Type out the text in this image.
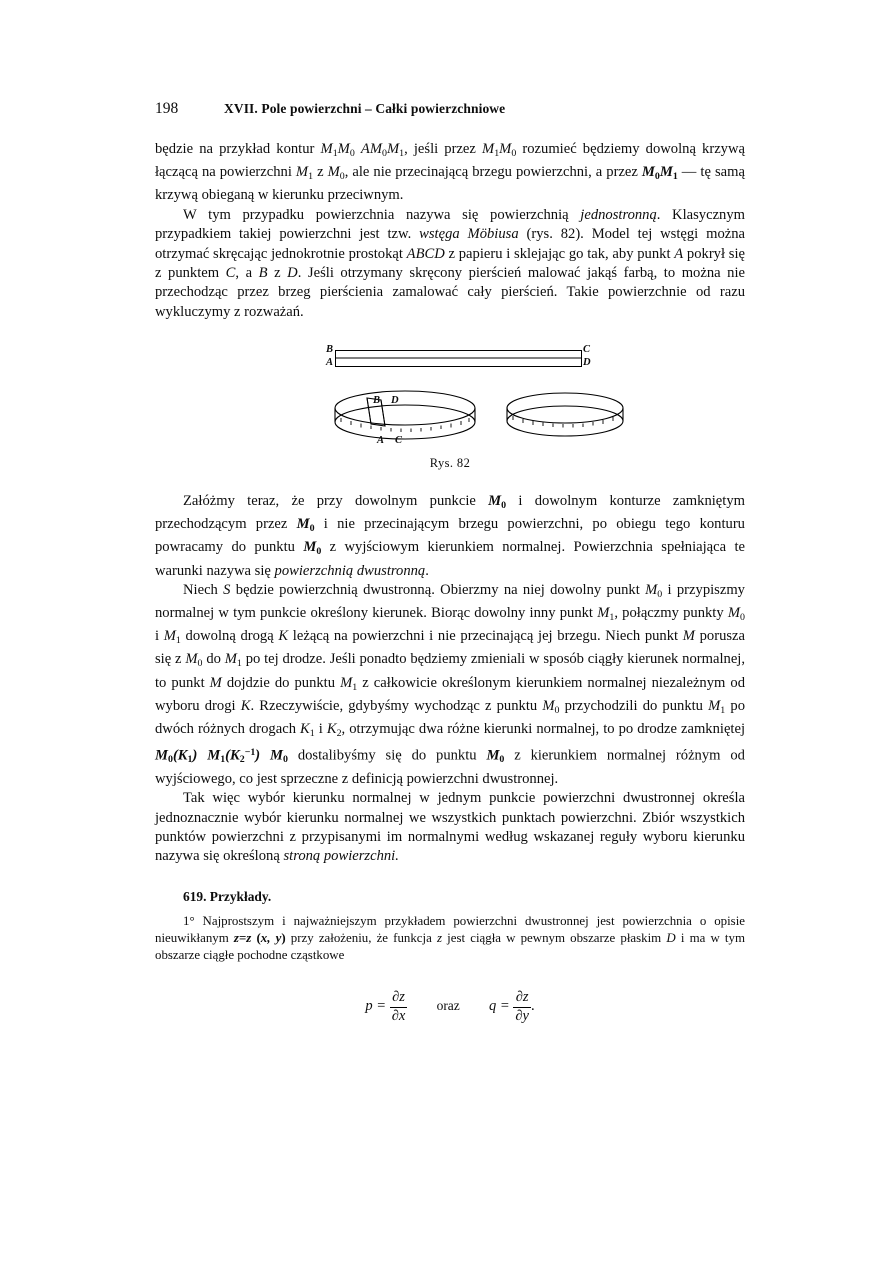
198	XVII. Pole powierzchni – Całki powierzchniowe

będzie na przykład kontur $M_1M_0$ $AM_0M_1$, jeśli przez $M_1M_0$ rozumieć będziemy dowolną krzywą łączącą na powierzchni $M_1$ z $M_0$, ale nie przecinającą brzegu powierzchni, a przez $M_0M_1$ — tę samą krzywą obieganą w kierunku przeciwnym.

W tym przypadku powierzchnia nazywa się powierzchnią jednostronną. Klasycznym przypadkiem takiej powierzchni jest tzw. wstęga Möbiusa (rys. 82). Model tej wstęgi można otrzymać skręcając jednokrotnie prostokąt ABCD z papieru i sklejając go tak, aby punkt A pokrył się z punktem C, a B z D. Jeśli otrzymany skręcony pierścień malować jakąś farbą, to można nie przechodząc przez brzeg pierścienia zamalować cały pierścień. Takie powierzchnie od razu wykluczymy z rozważań.

B
A
C
D
B D
A C
Rys. 82

Załóżmy teraz, że przy dowolnym punkcie $M_0$ i dowolnym konturze zamkniętym przechodzącym przez $M_0$ i nie przecinającym brzegu powierzchni, po obiegu tego konturu powracamy do punktu $M_0$ z wyjściowym kierunkiem normalnej. Powierzchnia spełniająca te warunki nazywa się powierzchnią dwustronną.

Niech S będzie powierzchnią dwustronną. Obierzmy na niej dowolny punkt $M_0$ i przypiszmy normalnej w tym punkcie określony kierunek. Biorąc dowolny inny punkt $M_1$, połączmy punkty $M_0$ i $M_1$ dowolną drogą K leżącą na powierzchni i nie przecinającą jej brzegu. Niech punkt M porusza się z $M_0$ do $M_1$ po tej drodze. Jeśli ponadto będziemy zmieniali w sposób ciągły kierunek normalnej, to punkt M dojdzie do punktu $M_1$ z całkowicie określonym kierunkiem normalnej niezależnym od wyboru drogi K. Rzeczywiście, gdybyśmy wychodząc z punktu $M_0$ przychodzili do punktu $M_1$ po dwóch różnych drogach $K_1$ i $K_2$, otrzymując dwa różne kierunki normalnej, to po drodze zamkniętej $M_0(K_1)$ $M_1(K_2^{-1})$ $M_0$ dostalibyśmy się do punktu $M_0$ z kierunkiem normalnej różnym od wyjściowego, co jest sprzeczne z definicją powierzchni dwustronnej.

Tak więc wybór kierunku normalnej w jednym punkcie powierzchni dwustronnej określa jednoznacznie wybór kierunku normalnej we wszystkich punktach powierzchni. Zbiór wszystkich punktów powierzchni z przypisanymi im normalnymi według wskazanej reguły wyboru kierunku nazywa się określoną stroną powierzchni.

619. Przykłady.

1° Najprostszym i najważniejszym przykładem powierzchni dwustronnej jest powierzchnia o opisie nieuwikłanym z=z (x, y) przy założeniu, że funkcja z jest ciągła w pewnym obszarze płaskim D i ma w tym obszarze ciągłe pochodne cząstkowe

$p = \frac{\partial z}{\partial x}$ oraz $q = \frac{\partial z}{\partial y}$ .
